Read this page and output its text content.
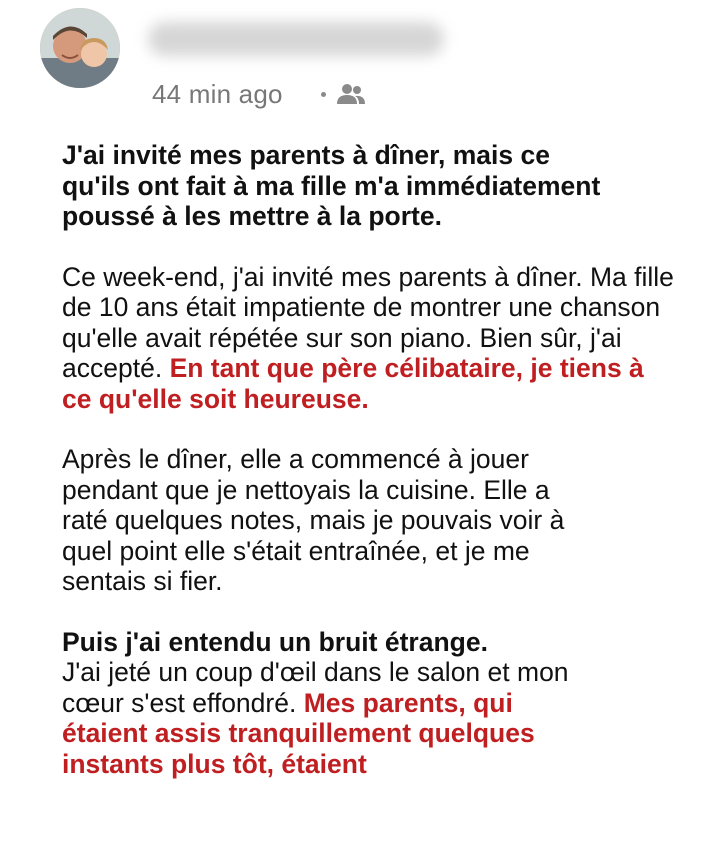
44 min ago

J'ai invité mes parents à dîner, mais ce qu'ils ont fait à ma fille m'a immédiatement poussé à les mettre à la porte.

Ce week-end, j'ai invité mes parents à dîner. Ma fille de 10 ans était impatiente de montrer une chanson qu'elle avait répétée sur son piano. Bien sûr, j'ai accepté. En tant que père célibataire, je tiens à ce qu'elle soit heureuse.

Après le dîner, elle a commencé à jouer pendant que je nettoyais la cuisine. Elle a raté quelques notes, mais je pouvais voir à quel point elle s'était entraînée, et je me sentais si fier.

Puis j'ai entendu un bruit étrange.
J'ai jeté un coup d'œil dans le salon et mon cœur s'est effondré. Mes parents, qui étaient assis tranquillement quelques instants plus tôt, étaient
